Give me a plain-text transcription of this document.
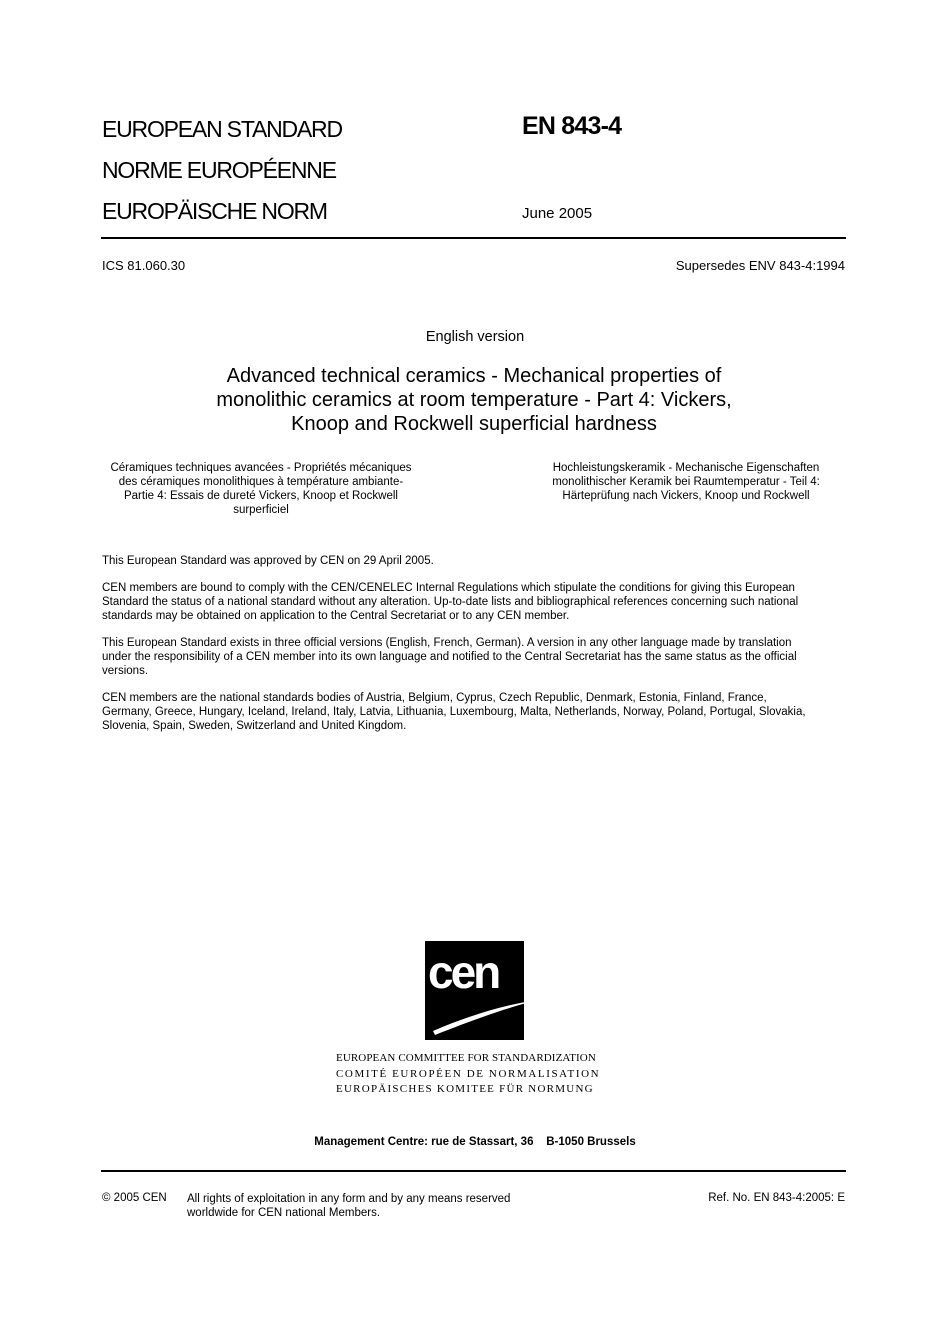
EUROPEAN STANDARD
NORME EUROPÉENNE
EUROPÄISCHE NORM
EN 843-4
June 2005
ICS 81.060.30	Supersedes ENV 843-4:1994
English version
Advanced technical ceramics - Mechanical properties of
monolithic ceramics at room temperature - Part 4: Vickers,
Knoop and Rockwell superficial hardness
Céramiques techniques avancées - Propriétés mécaniques
des céramiques monolithiques à température ambiante-
Partie 4: Essais de dureté Vickers, Knoop et Rockwell
surperficiel
Hochleistungskeramik - Mechanische Eigenschaften
monolithischer Keramik bei Raumtemperatur - Teil 4:
Härteprüfung nach Vickers, Knoop und Rockwell
This European Standard was approved by CEN on 29 April 2005.
CEN members are bound to comply with the CEN/CENELEC Internal Regulations which stipulate the conditions for giving this European
Standard the status of a national standard without any alteration. Up-to-date lists and bibliographical references concerning such national
standards may be obtained on application to the Central Secretariat or to any CEN member.
This European Standard exists in three official versions (English, French, German). A version in any other language made by translation
under the responsibility of a CEN member into its own language and notified to the Central Secretariat has the same status as the official
versions.
CEN members are the national standards bodies of Austria, Belgium, Cyprus, Czech Republic, Denmark, Estonia, Finland, France,
Germany, Greece, Hungary, Iceland, Ireland, Italy, Latvia, Lithuania, Luxembourg, Malta, Netherlands, Norway, Poland, Portugal, Slovakia,
Slovenia, Spain, Sweden, Switzerland and United Kingdom.
cen
EUROPEAN COMMITTEE FOR STANDARDIZATION
COMITÉ EUROPÉEN DE NORMALISATION
EUROPÄISCHES KOMITEE FÜR NORMUNG
Management Centre: rue de Stassart, 36    B-1050 Brussels
© 2005 CEN All rights of exploitation in any form and by any means reserved
worldwide for CEN national Members.
Ref. No. EN 843-4:2005: E
